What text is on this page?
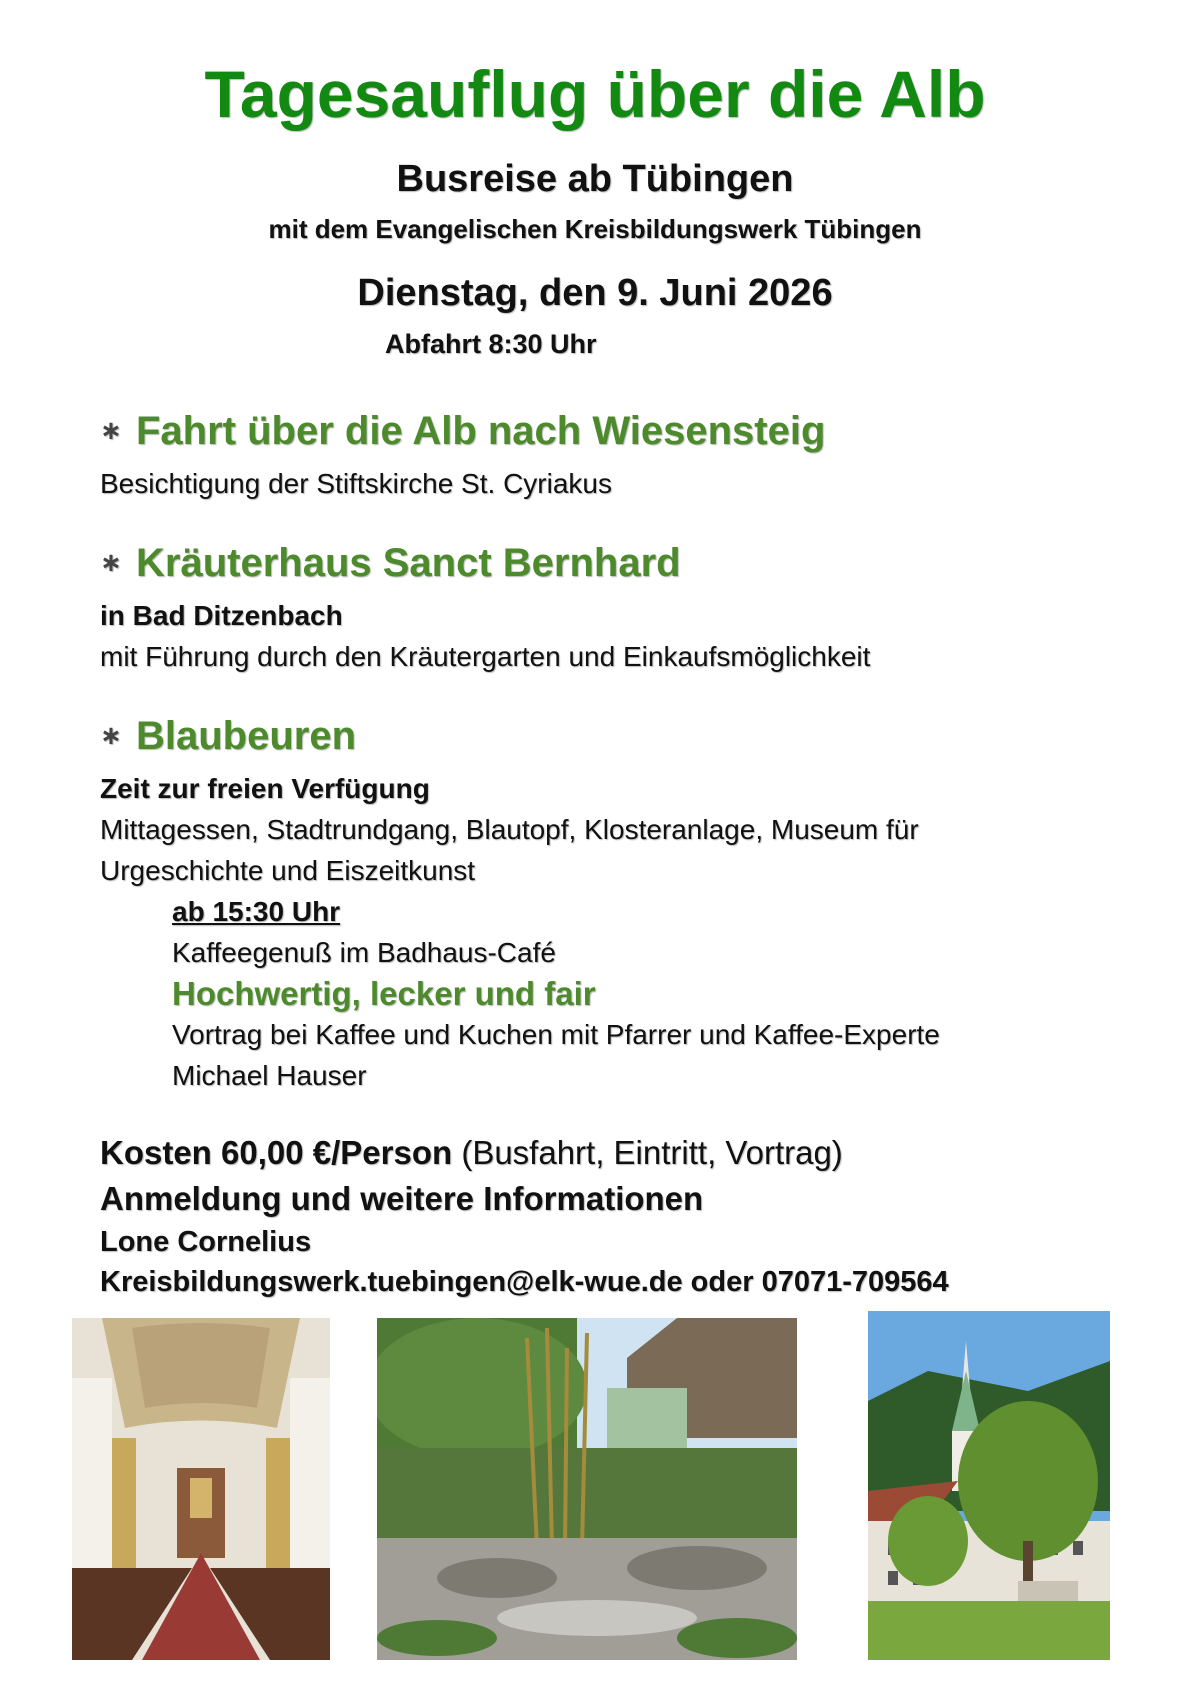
Tagesauflug über die Alb
Busreise ab Tübingen
mit dem Evangelischen Kreisbildungswerk Tübingen
Dienstag, den 9. Juni 2026
Abfahrt 8:30 Uhr
∗ Fahrt über die Alb nach Wiesensteig
Besichtigung der Stiftskirche St. Cyriakus
∗ Kräuterhaus Sanct Bernhard
in Bad Ditzenbach
mit Führung durch den Kräutergarten und Einkaufsmöglichkeit
∗ Blaubeuren
Zeit zur freien Verfügung
Mittagessen, Stadtrundgang, Blautopf, Klosteranlage, Museum für
Urgeschichte und Eiszeitkunst
ab 15:30 Uhr
Kaffeegenuß im Badhaus-Café
Hochwertig, lecker und fair
Vortrag bei Kaffee und Kuchen mit Pfarrer und Kaffee-Experte
Michael Hauser
Kosten 60,00 €/Person (Busfahrt, Eintritt, Vortrag)
Anmeldung und weitere Informationen
Lone Cornelius
Kreisbildungswerk.tuebingen@elk-wue.de oder 07071-709564
